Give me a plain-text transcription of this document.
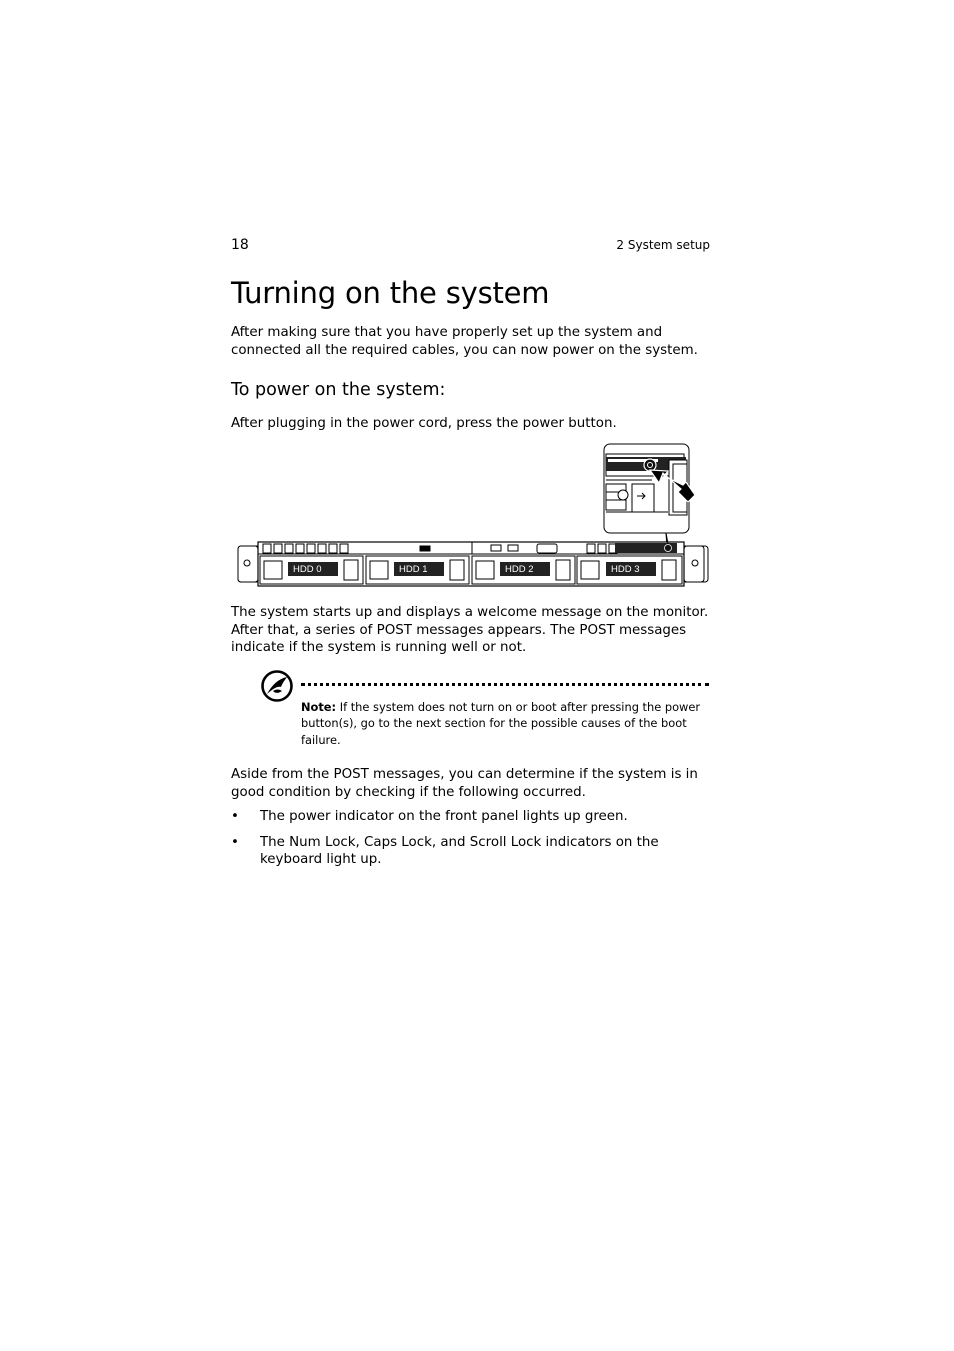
18	2 System setup
Turning on the system

After making sure that you have properly set up the system and connected all the required cables, you can now power on the system.

To power on the system:

After plugging in the power cord, press the power button.

HDD 0	HDD 1	HDD 2	HDD 3

The system starts up and displays a welcome message on the monitor. After that, a series of POST messages appears. The POST messages indicate if the system is running well or not.

Note: If the system does not turn on or boot after pressing the power button(s), go to the next section for the possible causes of the boot failure.

Aside from the POST messages, you can determine if the system is in good condition by checking if the following occurred.

• The power indicator on the front panel lights up green.
• The Num Lock, Caps Lock, and Scroll Lock indicators on the keyboard light up.
